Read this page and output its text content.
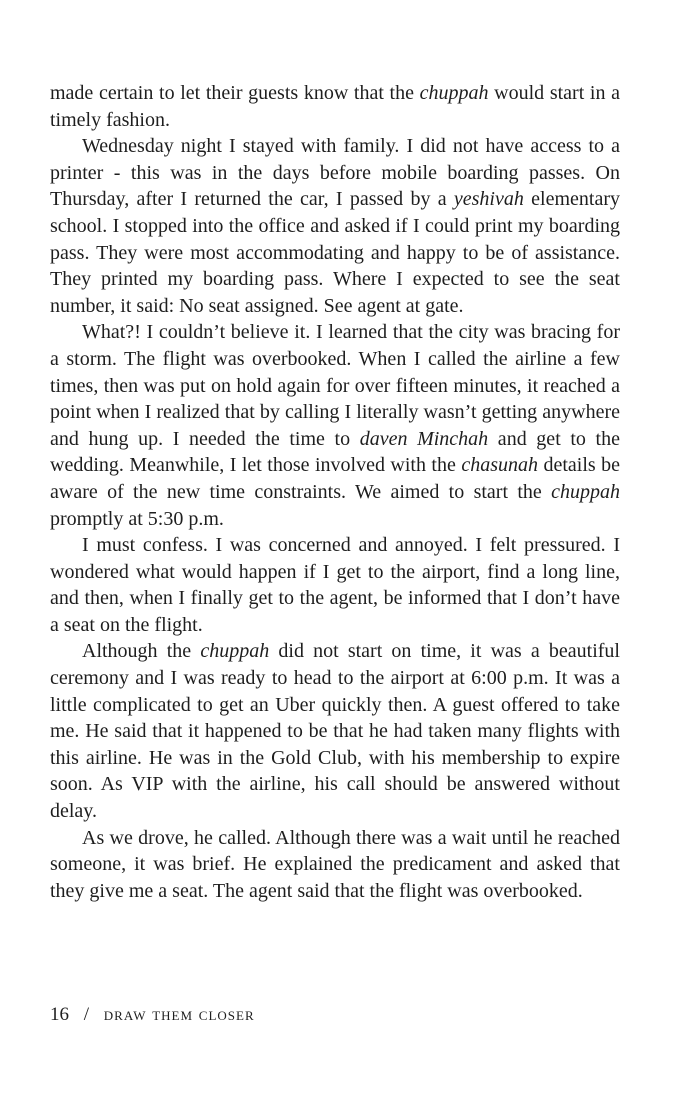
made certain to let their guests know that the chuppah would start in a timely fashion.

Wednesday night I stayed with family. I did not have access to a printer - this was in the days before mobile boarding passes. On Thursday, after I returned the car, I passed by a yeshivah elementary school. I stopped into the office and asked if I could print my boarding pass. They were most accommodating and happy to be of assistance. They printed my boarding pass. Where I expected to see the seat number, it said: No seat assigned. See agent at gate.

What?! I couldn’t believe it. I learned that the city was bracing for a storm. The flight was overbooked. When I called the airline a few times, then was put on hold again for over fifteen minutes, it reached a point when I realized that by calling I literally wasn’t getting anywhere and hung up. I needed the time to daven Minchah and get to the wedding. Meanwhile, I let those involved with the chasunah details be aware of the new time constraints. We aimed to start the chuppah promptly at 5:30 p.m.

I must confess. I was concerned and annoyed. I felt pressured. I wondered what would happen if I get to the airport, find a long line, and then, when I finally get to the agent, be informed that I don’t have a seat on the flight.

Although the chuppah did not start on time, it was a beautiful ceremony and I was ready to head to the airport at 6:00 p.m. It was a little complicated to get an Uber quickly then. A guest offered to take me. He said that it happened to be that he had taken many flights with this airline. He was in the Gold Club, with his membership to expire soon. As VIP with the airline, his call should be answered without delay.

As we drove, he called. Although there was a wait until he reached someone, it was brief. He explained the predicament and asked that they give me a seat. The agent said that the flight was overbooked.

16 / draw them closer
